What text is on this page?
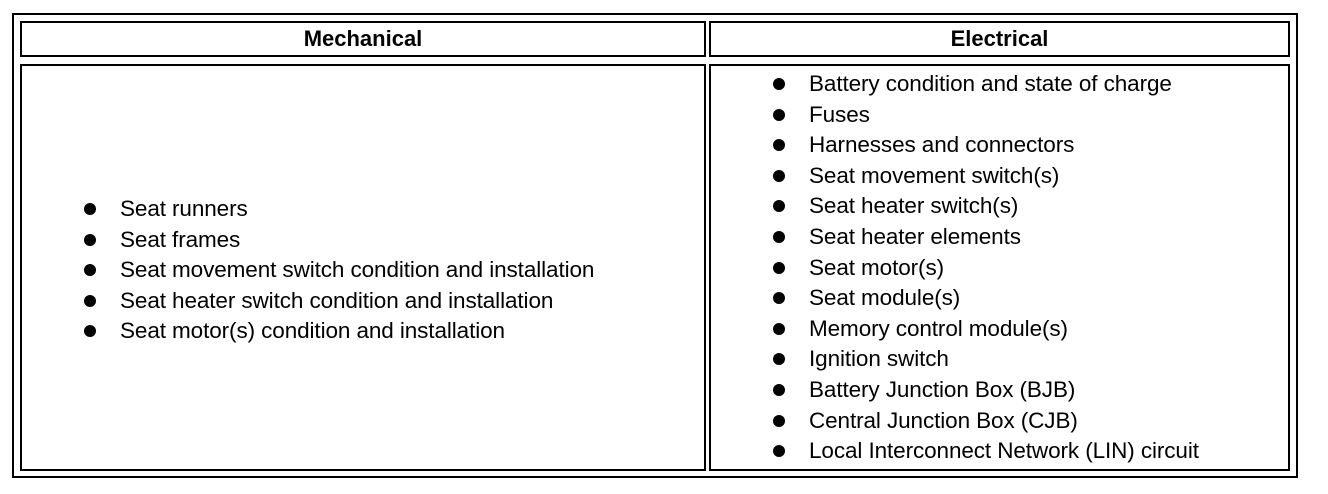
Mechanical	Electrical
Seat runners
Seat frames
Seat movement switch condition and installation
Seat heater switch condition and installation
Seat motor(s) condition and installation
Battery condition and state of charge
Fuses
Harnesses and connectors
Seat movement switch(s)
Seat heater switch(s)
Seat heater elements
Seat motor(s)
Seat module(s)
Memory control module(s)
Ignition switch
Battery Junction Box (BJB)
Central Junction Box (CJB)
Local Interconnect Network (LIN) circuit
